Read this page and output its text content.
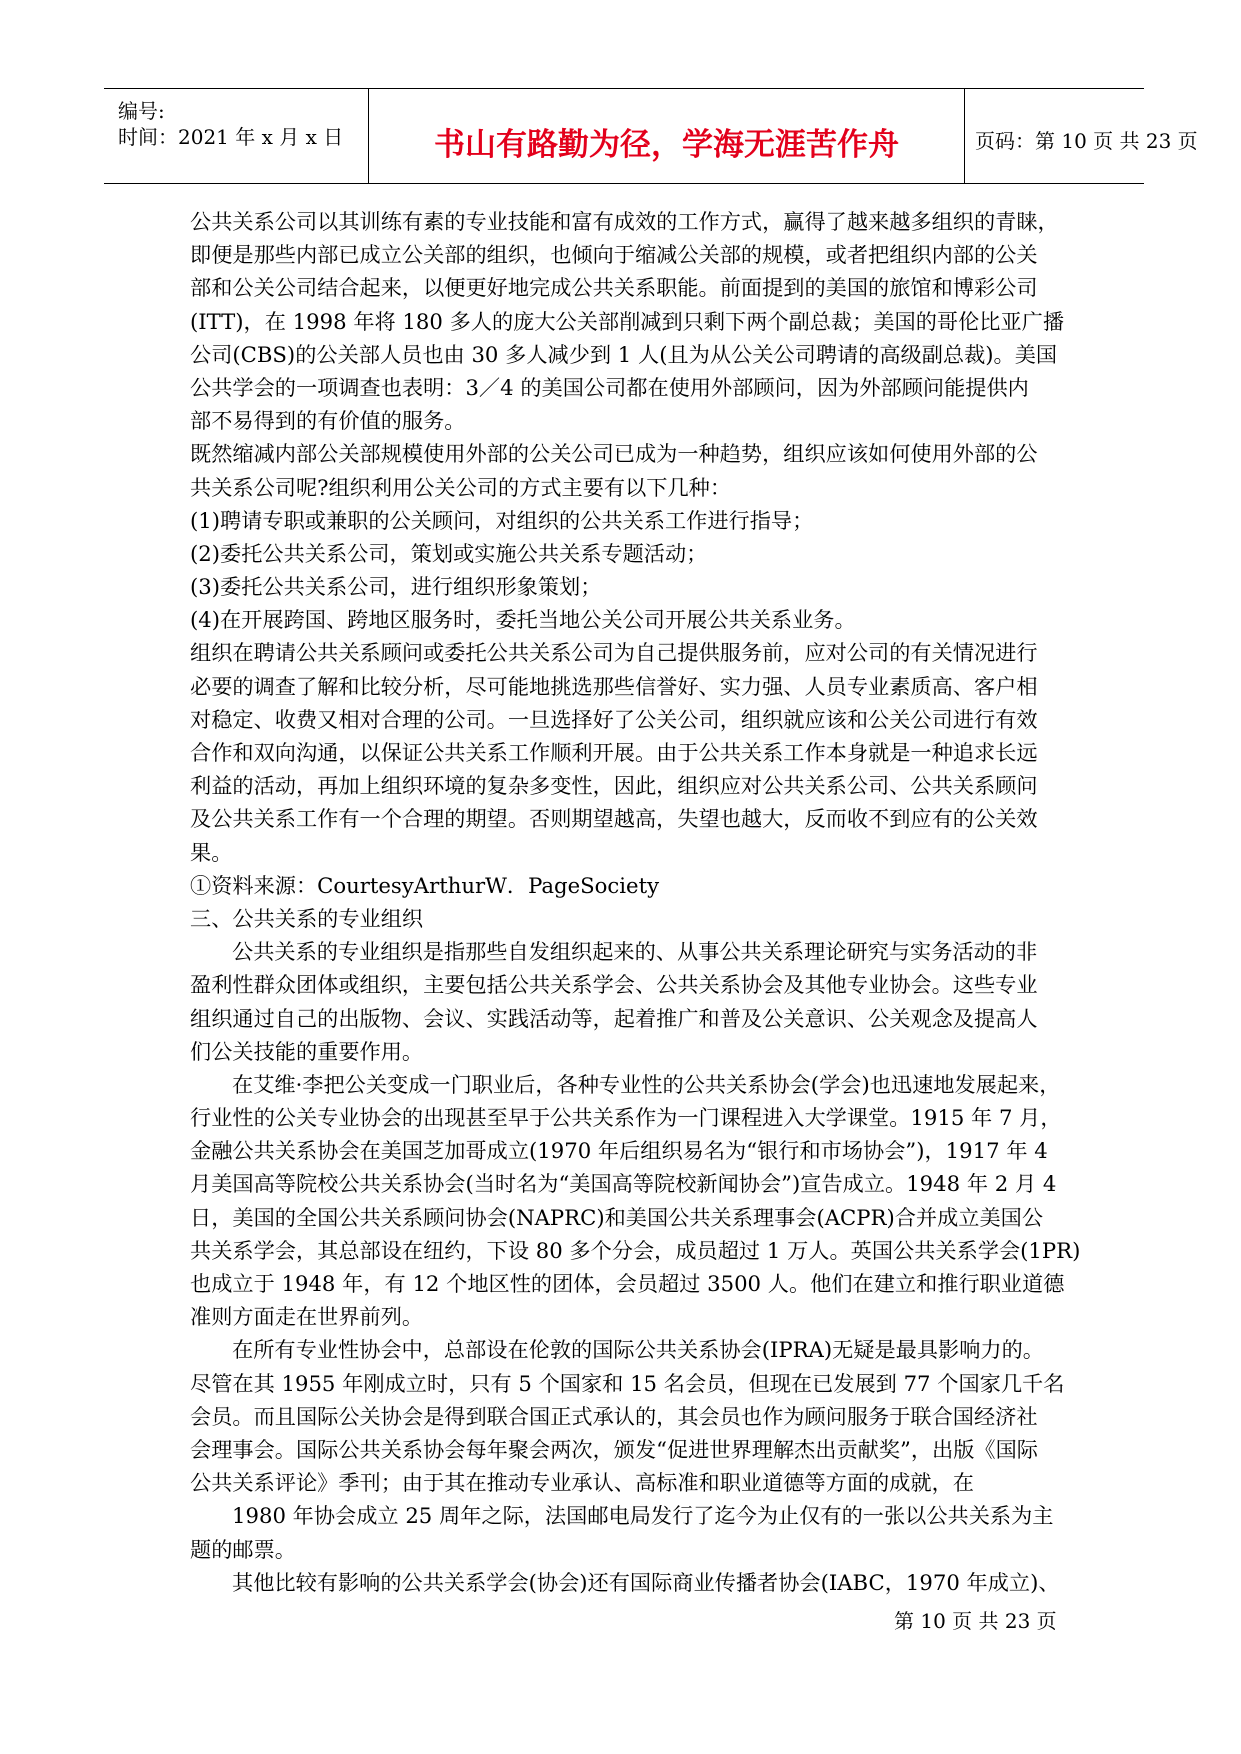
编号:
时间：2021 年 x 月 x 日	书山有路勤为径，学海无涯苦作舟	页码：第 10 页 共 23 页
公共关系公司以其训练有素的专业技能和富有成效的工作方式，赢得了越来越多组织的青睐，
即便是那些内部已成立公关部的组织，也倾向于缩减公关部的规模，或者把组织内部的公关
部和公关公司结合起来，以便更好地完成公共关系职能。前面提到的美国的旅馆和博彩公司
(ITT)，在 1998 年将 180 多人的庞大公关部削减到只剩下两个副总裁；美国的哥伦比亚广播
公司(CBS)的公关部人员也由 30 多人减少到 1 人(且为从公关公司聘请的高级副总裁)。美国
公共学会的一项调查也表明：3／4 的美国公司都在使用外部顾问，因为外部顾问能提供内
部不易得到的有价值的服务。
既然缩减内部公关部规模使用外部的公关公司已成为一种趋势，组织应该如何使用外部的公
共关系公司呢?组织利用公关公司的方式主要有以下几种：
(1)聘请专职或兼职的公关顾问，对组织的公共关系工作进行指导；
(2)委托公共关系公司，策划或实施公共关系专题活动；
(3)委托公共关系公司，进行组织形象策划；
(4)在开展跨国、跨地区服务时，委托当地公关公司开展公共关系业务。
组织在聘请公共关系顾问或委托公共关系公司为自己提供服务前，应对公司的有关情况进行
必要的调查了解和比较分析，尽可能地挑选那些信誉好、实力强、人员专业素质高、客户相
对稳定、收费又相对合理的公司。一旦选择好了公关公司，组织就应该和公关公司进行有效
合作和双向沟通，以保证公共关系工作顺利开展。由于公共关系工作本身就是一种追求长远
利益的活动，再加上组织环境的复杂多变性，因此，组织应对公共关系公司、公共关系顾问
及公共关系工作有一个合理的期望。否则期望越高，失望也越大，反而收不到应有的公关效
果。
①资料来源：CourtesyArthurW．PageSociety
三、公共关系的专业组织
公共关系的专业组织是指那些自发组织起来的、从事公共关系理论研究与实务活动的非
盈利性群众团体或组织，主要包括公共关系学会、公共关系协会及其他专业协会。这些专业
组织通过自己的出版物、会议、实践活动等，起着推广和普及公关意识、公关观念及提高人
们公关技能的重要作用。
在艾维·李把公关变成一门职业后，各种专业性的公共关系协会(学会)也迅速地发展起来，
行业性的公关专业协会的出现甚至早于公共关系作为一门课程进入大学课堂。1915 年 7 月，
金融公共关系协会在美国芝加哥成立(1970 年后组织易名为“银行和市场协会”)，1917 年 4
月美国高等院校公共关系协会(当时名为“美国高等院校新闻协会”)宣告成立。1948 年 2 月 4
日，美国的全国公共关系顾问协会(NAPRC)和美国公共关系理事会(ACPR)合并成立美国公
共关系学会，其总部设在纽约，下设 80 多个分会，成员超过 1 万人。英国公共关系学会(1PR)
也成立于 1948 年，有 12 个地区性的团体，会员超过 3500 人。他们在建立和推行职业道德
准则方面走在世界前列。
在所有专业性协会中，总部设在伦敦的国际公共关系协会(IPRA)无疑是最具影响力的。
尽管在其 1955 年刚成立时，只有 5 个国家和 15 名会员，但现在已发展到 77 个国家几千名
会员。而且国际公关协会是得到联合国正式承认的，其会员也作为顾问服务于联合国经济社
会理事会。国际公共关系协会每年聚会两次，颁发“促进世界理解杰出贡献奖”，出版《国际
公共关系评论》季刊；由于其在推动专业承认、高标准和职业道德等方面的成就，在
1980 年协会成立 25 周年之际，法国邮电局发行了迄今为止仅有的一张以公共关系为主
题的邮票。
其他比较有影响的公共关系学会(协会)还有国际商业传播者协会(IABC，1970 年成立)、
第 10 页 共 23 页
